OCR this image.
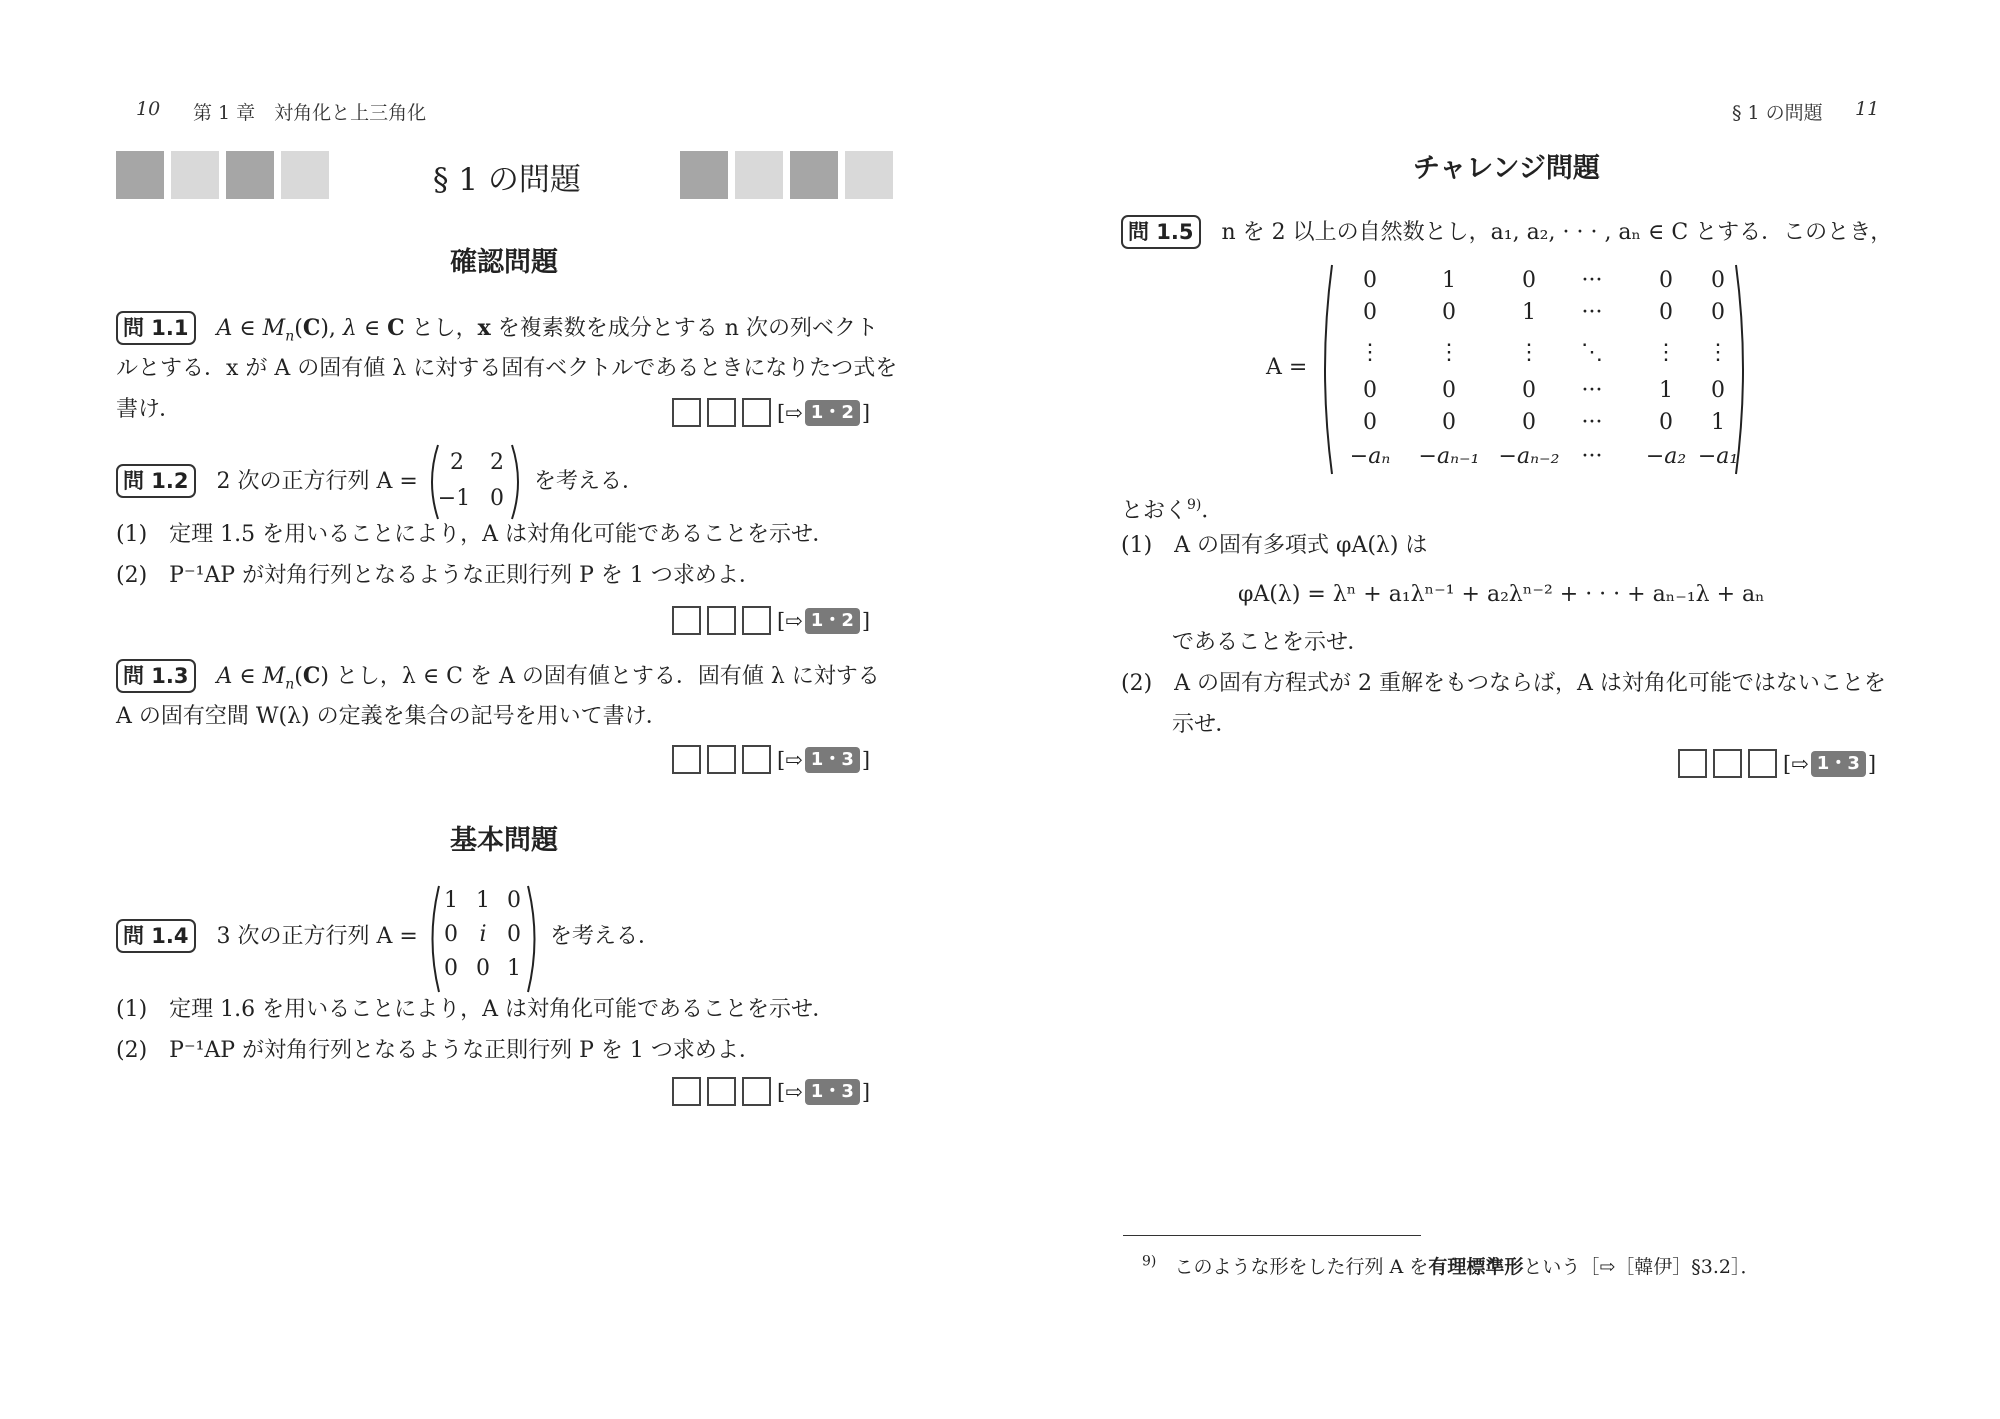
10 第 1 章　対角化と上三角化
§ 1 の問題
確認問題
問 1.1 A ∈ $M_n(C)$, λ ∈ C とし，x を複素数を成分とする n 次の列ベクト
ルとする．x が A の固有値 λ に対する固有ベクトルであるときになりたつ式を
書け．	[⇨ 1・2 ]
問 1.2 2 次の正方行列 A =
2 2
−1 0
を考える．
(1)　定理 1.5 を用いることにより，A は対角化可能であることを示せ．
(2)　P⁻¹AP が対角行列となるような正則行列 P を 1 つ求めよ．
[⇨ 1・2 ]
問 1.3 A ∈ $M_n(C)$ とし，λ ∈ C を A の固有値とする．固有値 λ に対する
A の固有空間 W(λ) の定義を集合の記号を用いて書け．
[⇨ 1・3 ]
基本問題
問 1.4 3 次の正方行列 A =
1 1 0
0 i 0
0 0 1
を考える．
(1)　定理 1.6 を用いることにより，A は対角化可能であることを示せ．
(2)　P⁻¹AP が対角行列となるような正則行列 P を 1 つ求めよ．
[⇨ 1・3 ]
§ 1 の問題 11
チャレンジ問題
問 1.5 n を 2 以上の自然数とし，a₁, a₂, · · · , aₙ ∈ C とする．このとき，
A =
0	1	0	···	0	0
0	0	1	···	0	0
⋮	⋮	⋮	⋱	⋮	⋮
0	0	0	···	1	0
0	0	0	···	0	1
−aₙ −aₙ₋₁ −aₙ₋₂	···	−a₂ −a₁
とおく$^{9)}$．
(1)　A の固有多項式 φA(λ) は
φA(λ) = λⁿ + a₁λⁿ⁻¹ + a₂λⁿ⁻² + · · · + aₙ₋₁λ + aₙ
であることを示せ．
(2)　A の固有方程式が 2 重解をもつならば，A は対角化可能ではないことを
示せ．
[⇨ 1・3 ]
$^{9)}$ このような形をした行列 A を有理標準形という［⇨［韓伊］§3.2］．
